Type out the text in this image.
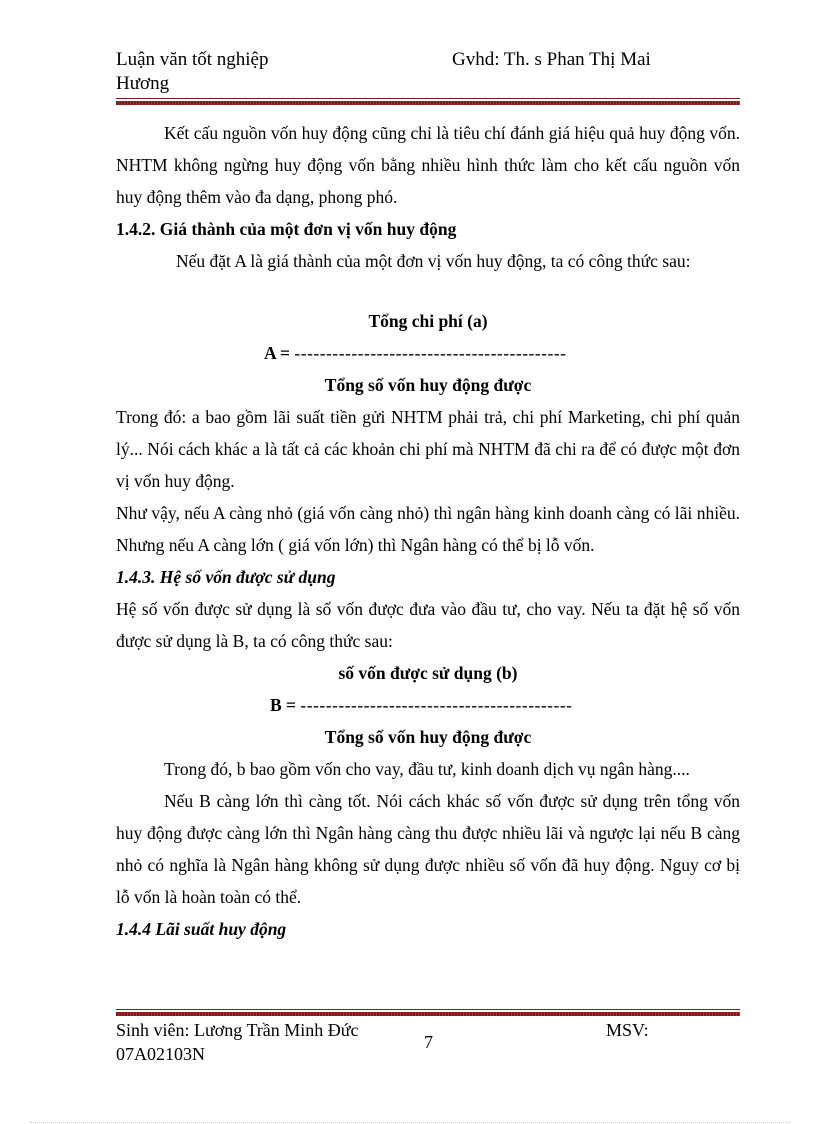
Luận văn tốt nghiệp	Gvhd: Th. s Phan Thị Mai
Hương

Kết cấu nguồn vốn huy động cũng chỉ là tiêu chí đánh giá hiệu quả huy động vốn. NHTM không ngừng huy động vốn bằng nhiều hình thức làm cho kết cấu nguồn vốn huy động thêm vào đa dạng, phong phó.

1.4.2. Giá thành của một đơn vị vốn huy động

Nếu đặt A là giá thành của một đơn vị vốn huy động, ta có công thức sau:

Tổng chi phí (a)

A = -------------------------------------------

Tổng số vốn huy động được

Trong đó: a bao gồm lãi suất tiền gửi NHTM phải trả, chi phí Marketing, chi phí quản lý... Nói cách khác a là tất cả các khoản chi phí mà NHTM đã chi ra để có được một đơn vị vốn huy động.

Như vậy, nếu A càng nhỏ (giá vốn càng nhỏ) thì ngân hàng kinh doanh càng có lãi nhiều. Nhưng nếu A càng lớn ( giá vốn lớn) thì Ngân hàng có thể bị lỗ vốn.

1.4.3. Hệ số vốn được sử dụng

Hệ số vốn được sử dụng là số vốn được đưa vào đầu tư, cho vay. Nếu ta đặt hệ số vốn được sử dụng là B, ta có công thức sau:

số vốn được sử dụng (b)

B = -------------------------------------------

Tổng số vốn huy động được

Trong đó, b bao gồm vốn cho vay, đầu tư, kinh doanh dịch vụ ngân hàng....

Nếu B càng lớn thì càng tốt. Nói cách khác số vốn được sử dụng trên tổng vốn huy động được càng lớn thì Ngân hàng càng thu được nhiều lãi và ngược lại nếu B càng nhỏ có nghĩa là Ngân hàng không sử dụng được nhiều số vốn đã huy động. Nguy cơ bị lỗ vốn là hoàn toàn có thể.

1.4.4 Lãi suất huy động

Sinh viên: Lương Trần Minh Đức
7
MSV:
07A02103N
